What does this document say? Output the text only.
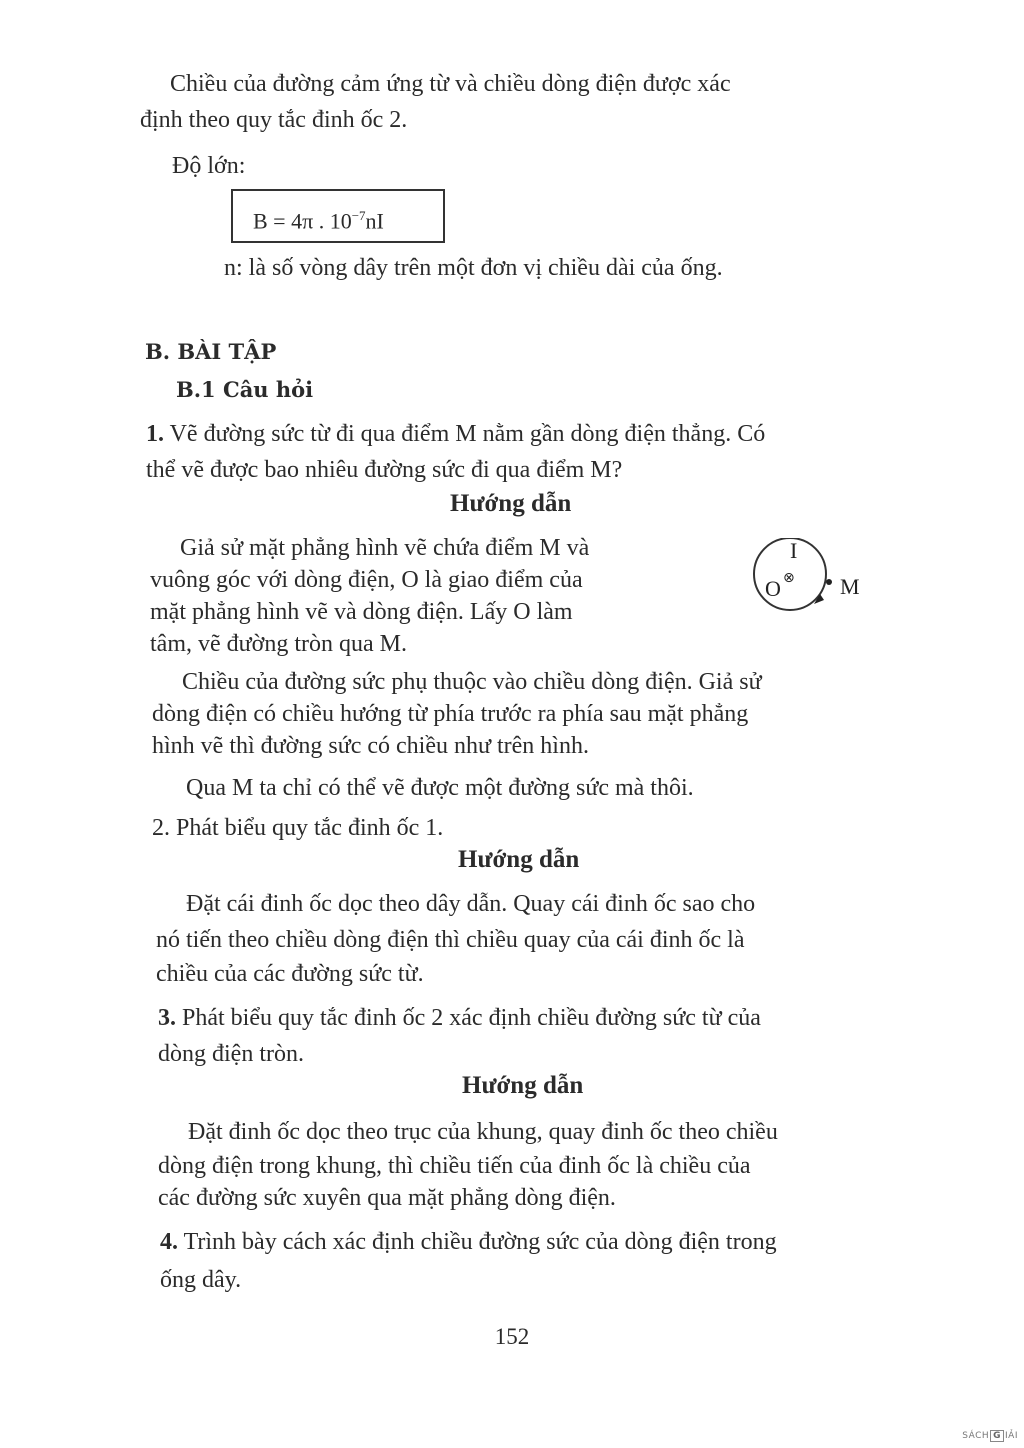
Chiều của đường cảm ứng từ và chiều dòng điện được xác

định theo quy tắc đinh ốc 2.

Độ lớn:

B = 4π . $10^{-7}nI$

n: là số vòng dây trên một đơn vị chiều dài của ống.

B. BÀI TẬP

B.1 Câu hỏi

1. Vẽ đường sức từ đi qua điểm M nằm gần dòng điện thẳng. Có

thể vẽ được bao nhiêu đường sức đi qua điểm M?

Hướng dẫn

Giả sử mặt phẳng hình vẽ chứa điểm M và

vuông góc với dòng điện, O là giao điểm của

mặt phẳng hình vẽ và dòng điện. Lấy O làm

tâm, vẽ đường tròn qua M.

I
O ⊗ M

Chiều của đường sức phụ thuộc vào chiều dòng điện. Giả sử

dòng điện có chiều hướng từ phía trước ra phía sau mặt phẳng

hình vẽ thì đường sức có chiều như trên hình.

Qua M ta chỉ có thể vẽ được một đường sức mà thôi.

2. Phát biểu quy tắc đinh ốc 1.

Hướng dẫn

Đặt cái đinh ốc dọc theo dây dẫn. Quay cái đinh ốc sao cho

nó tiến theo chiều dòng điện thì chiều quay của cái đinh ốc là

chiều của các đường sức từ.

3. Phát biểu quy tắc đinh ốc 2 xác định chiều đường sức từ của

dòng điện tròn.

Hướng dẫn

Đặt đinh ốc dọc theo trục của khung, quay đinh ốc theo chiều

dòng điện trong khung, thì chiều tiến của đinh ốc là chiều của

các đường sức xuyên qua mặt phẳng dòng điện.

4. Trình bày cách xác định chiều đường sức của dòng điện trong

ống dây.

152
SÁCH G IẢI
